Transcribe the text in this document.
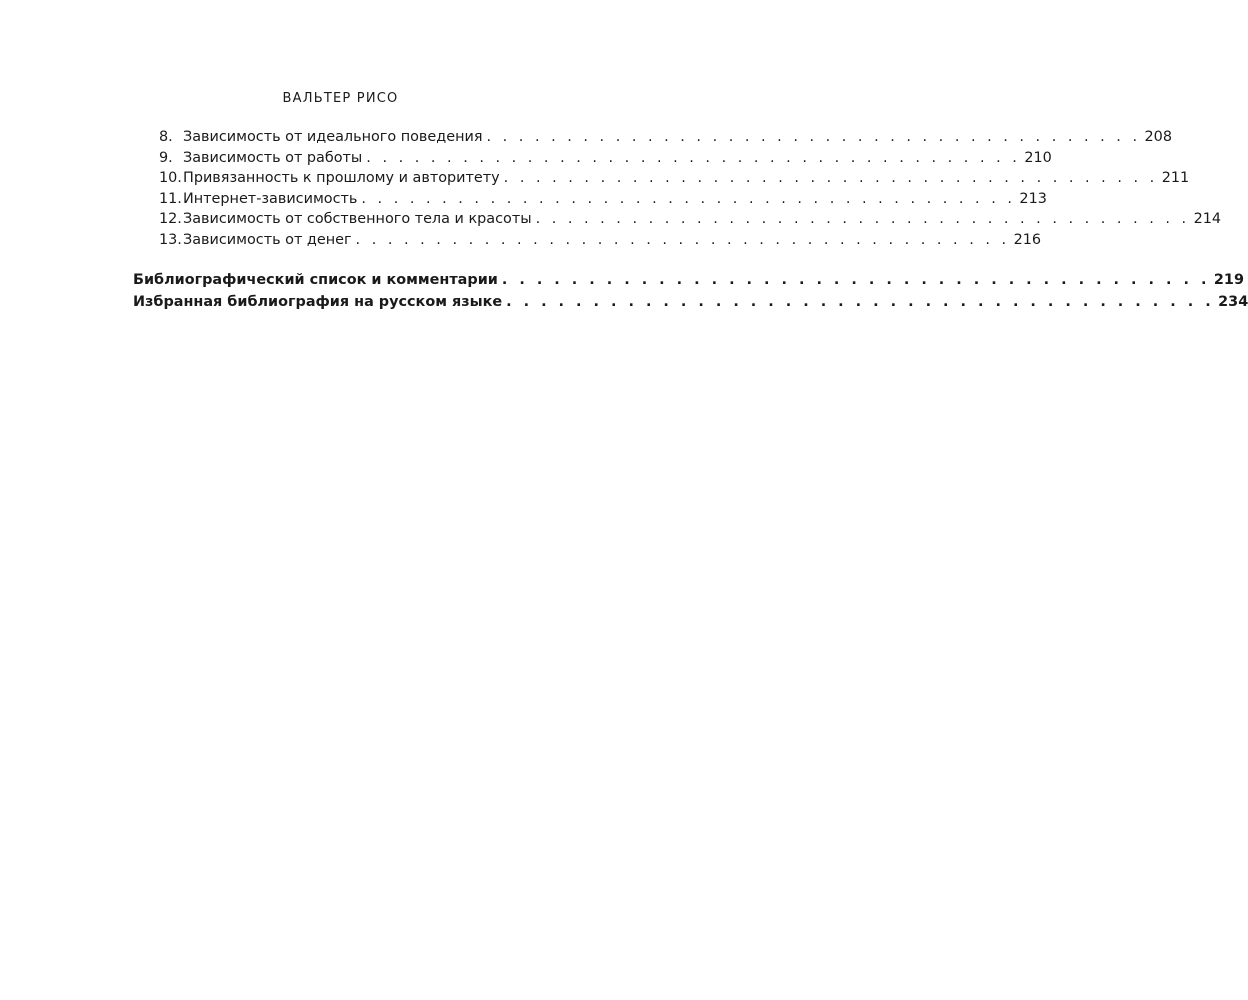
ВАЛЬТЕР РИСО
8. Зависимость от идеального поведения . . . . . . . . . . . . . . . . . . . . . . . . . . . . . . . . . . . . . . . . . 208
9. Зависимость от работы . . . . . . . . . . . . . . . . . . . . . . . . . . . . . . . . . . . . . . . . . 210
10. Привязанность к прошлому и авторитету . . . . . . . . . . . . . . . . . . . . . . . . . . . . . . . . . . . . . . . . . 211
11. Интернет-зависимость . . . . . . . . . . . . . . . . . . . . . . . . . . . . . . . . . . . . . . . . . 213
12. Зависимость от собственного тела и красоты . . . . . . . . . . . . . . . . . . . . . . . . . . . . . . . . . . . . . . . . . 214
13. Зависимость от денег . . . . . . . . . . . . . . . . . . . . . . . . . . . . . . . . . . . . . . . . . 216
Библиографический список и комментарии . . . . . . . . . . . . . . . . . . . . . . . . . . . . . . . . . . . . . . . . . 219
Избранная библиография на русском языке . . . . . . . . . . . . . . . . . . . . . . . . . . . . . . . . . . . . . . . . . 234
